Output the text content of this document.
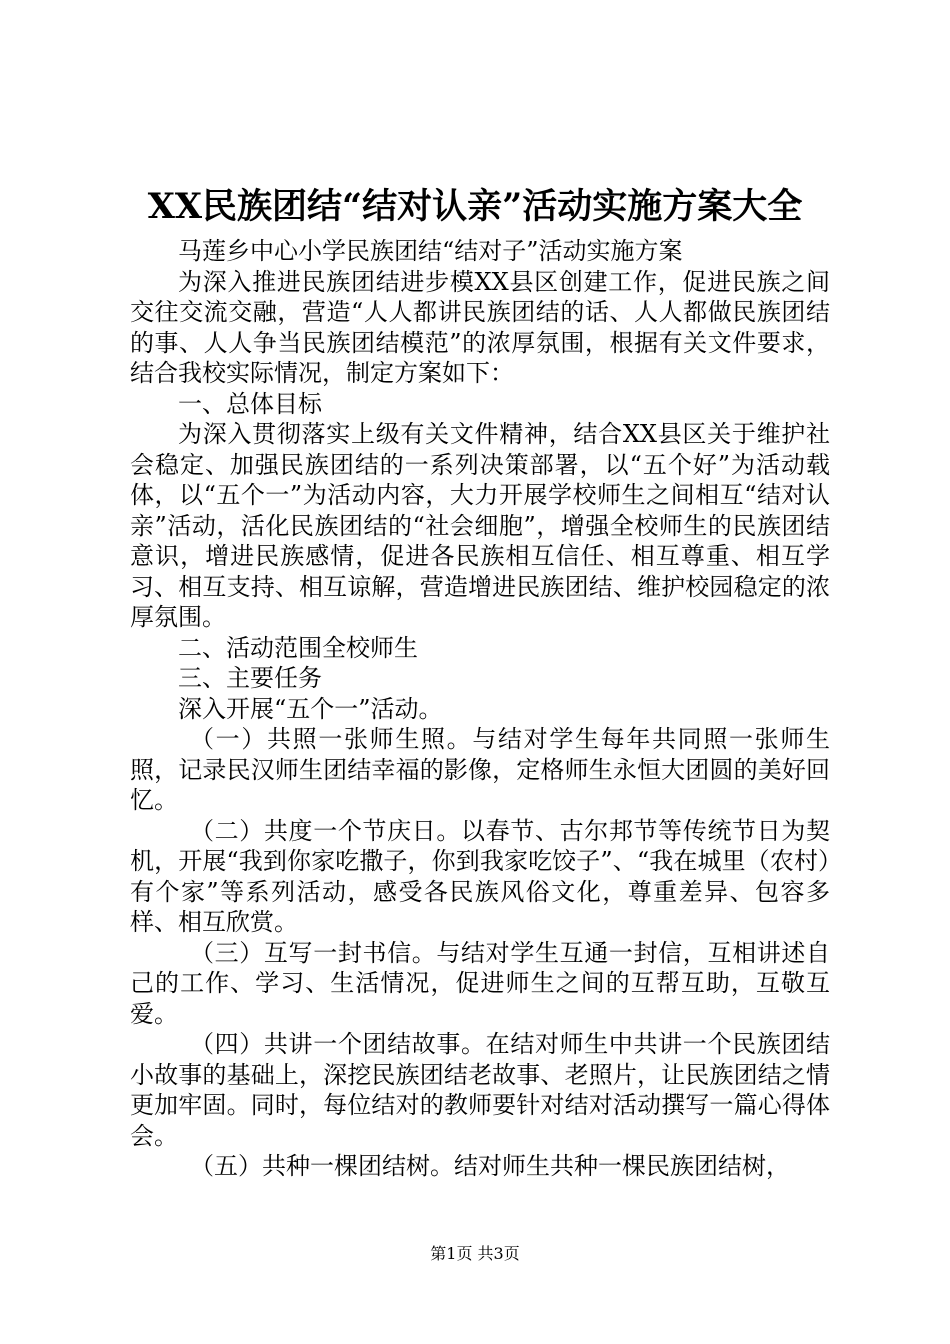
XX民族团结“结对认亲”活动实施方案大全

马莲乡中心小学民族团结“结对子”活动实施方案

为深入推进民族团结进步模XX县区创建工作，促进民族之间交往交流交融，营造“人人都讲民族团结的话、人人都做民族团结的事、人人争当民族团结模范”的浓厚氛围，根据有关文件要求，结合我校实际情况，制定方案如下：

一、总体目标

为深入贯彻落实上级有关文件精神，结合XX县区关于维护社会稳定、加强民族团结的一系列决策部署，以“五个好”为活动载体，以“五个一”为活动内容，大力开展学校师生之间相互“结对认亲”活动，活化民族团结的“社会细胞”，增强全校师生的民族团结意识，增进民族感情，促进各民族相互信任、相互尊重、相互学习、相互支持、相互谅解，营造增进民族团结、维护校园稳定的浓厚氛围。

二、活动范围全校师生

三、主要任务

深入开展“五个一”活动。

（一）共照一张师生照。与结对学生每年共同照一张师生照，记录民汉师生团结幸福的影像，定格师生永恒大团圆的美好回忆。

（二）共度一个节庆日。以春节、古尔邦节等传统节日为契机，开展“我到你家吃撒子，你到我家吃饺子”、“我在城里（农村）有个家”等系列活动，感受各民族风俗文化，尊重差异、包容多样、相互欣赏。

（三）互写一封书信。与结对学生互通一封信，互相讲述自己的工作、学习、生活情况，促进师生之间的互帮互助，互敬互爱。

（四）共讲一个团结故事。在结对师生中共讲一个民族团结小故事的基础上，深挖民族团结老故事、老照片，让民族团结之情更加牢固。同时，每位结对的教师要针对结对活动撰写一篇心得体会。

（五）共种一棵团结树。结对师生共种一棵民族团结树，

第1页 共3页
